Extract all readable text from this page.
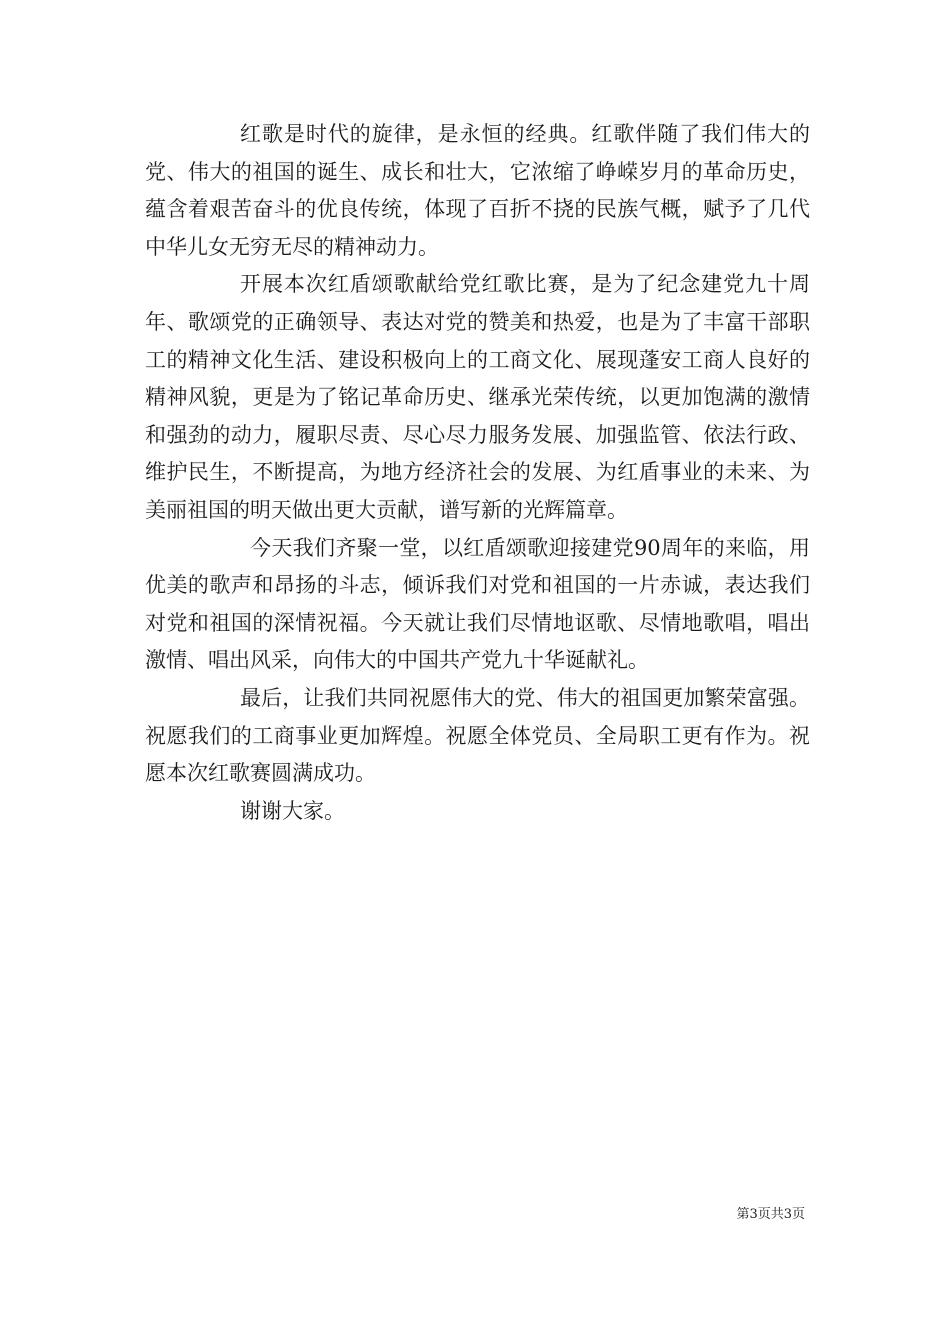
红歌是时代的旋律，是永恒的经典。红歌伴随了我们伟大的党、伟大的祖国的诞生、成长和壮大，它浓缩了峥嵘岁月的革命历史，蕴含着艰苦奋斗的优良传统，体现了百折不挠的民族气概，赋予了几代中华儿女无穷无尽的精神动力。

开展本次红盾颂歌献给党红歌比赛，是为了纪念建党九十周年、歌颂党的正确领导、表达对党的赞美和热爱，也是为了丰富干部职工的精神文化生活、建设积极向上的工商文化、展现蓬安工商人良好的精神风貌，更是为了铭记革命历史、继承光荣传统，以更加饱满的激情和强劲的动力，履职尽责、尽心尽力服务发展、加强监管、依法行政、维护民生，不断提高，为地方经济社会的发展、为红盾事业的未来、为美丽祖国的明天做出更大贡献，谱写新的光辉篇章。

今天我们齐聚一堂，以红盾颂歌迎接建党90周年的来临，用优美的歌声和昂扬的斗志，倾诉我们对党和祖国的一片赤诚，表达我们对党和祖国的深情祝福。今天就让我们尽情地讴歌、尽情地歌唱，唱出激情、唱出风采，向伟大的中国共产党九十华诞献礼。

最后，让我们共同祝愿伟大的党、伟大的祖国更加繁荣富强。祝愿我们的工商事业更加辉煌。祝愿全体党员、全局职工更有作为。祝愿本次红歌赛圆满成功。

谢谢大家。

第3页共3页
